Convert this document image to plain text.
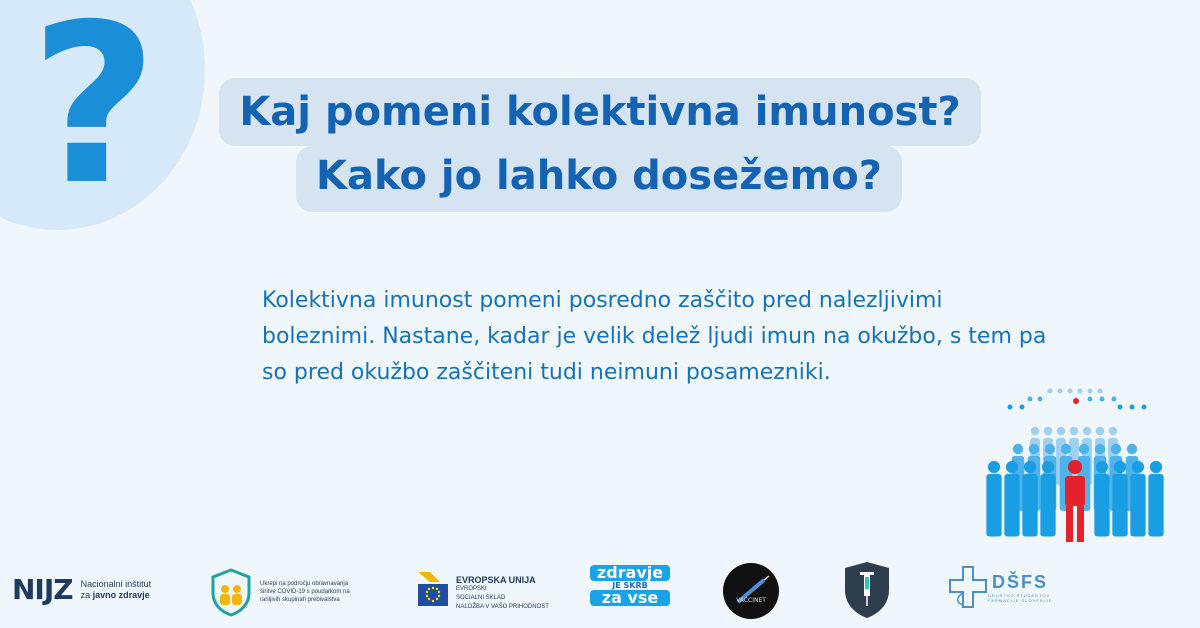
?	Kaj pomeni kolektivna imunost?
Kako jo lahko dosežemo?
Kolektivna imunost pomeni posredno zaščito pred nalezljivimi boleznimi. Nastane, kadar je velik delež ljudi imun na okužbo, s tem pa so pred okužbo zaščiteni tudi neimuni posamezniki.
NIJZ Nacionalni inštitut
za javno zdravje
Ukrepi na področju obravnavanja širitve COVID-19 s poudarkom na ranljivih skupinah prebivalstva
EVROPSKA UNIJA
EVROPSKI
SOCIALNI SKLAD
NALOŽBA V VAŠO PRIHODNOST
zdravje
JE SKRB
za vse	VACCINET
DŠFS
DRUŠTVO ŠTUDENTOV
FARMACIJE SLOVENIJE
